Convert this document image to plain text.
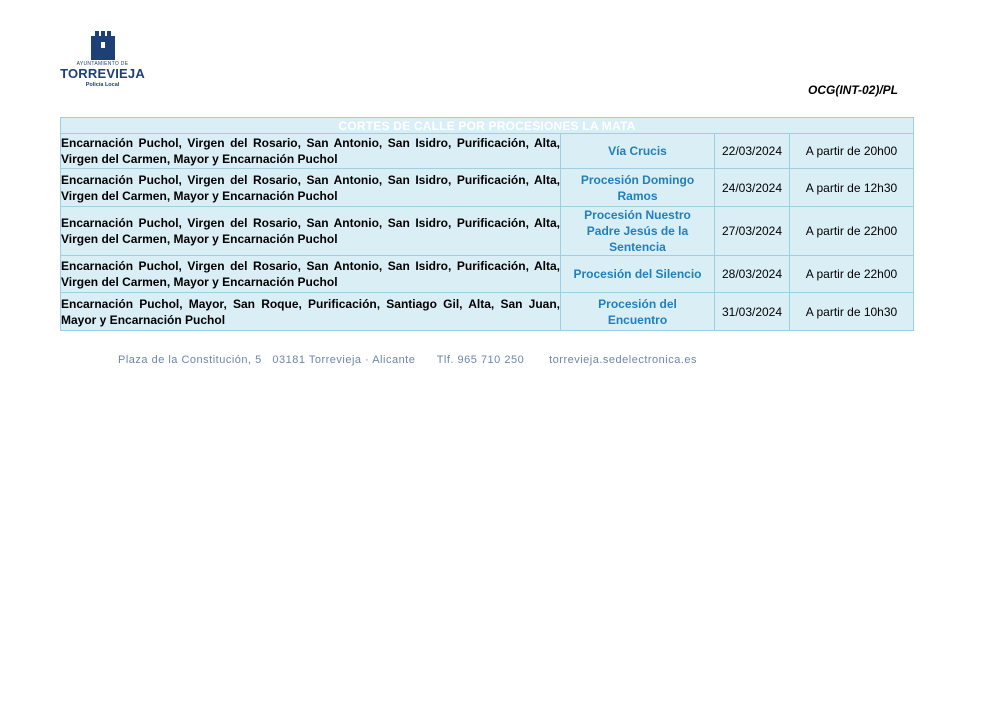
AYUNTAMIENTO DE
TORREVIEJA
Policía Local	OCG(INT-02)/PL
CORTES DE CALLE POR PROCESIONES LA MATA			
Encarnación Puchol, Virgen del Rosario, San Antonio, San Isidro, Purificación, Alta, Virgen del Carmen, Mayor y Encarnación Puchol	Vía Crucis	22/03/2024	A partir de 20h00
Encarnación Puchol, Virgen del Rosario, San Antonio, San Isidro, Purificación, Alta, Virgen del Carmen, Mayor y Encarnación Puchol	Procesión Domingo Ramos	24/03/2024	A partir de 12h30
Encarnación Puchol, Virgen del Rosario, San Antonio, San Isidro, Purificación, Alta, Virgen del Carmen, Mayor y Encarnación Puchol	Procesión Nuestro Padre Jesús de la Sentencia	27/03/2024	A partir de 22h00
Encarnación Puchol, Virgen del Rosario, San Antonio, San Isidro, Purificación, Alta, Virgen del Carmen, Mayor y Encarnación Puchol	Procesión del Silencio	28/03/2024	A partir de 22h00
Encarnación Puchol, Mayor, San Roque, Purificación, Santiago Gil, Alta, San Juan, Mayor y Encarnación Puchol	Procesión del Encuentro	31/03/2024	A partir de 10h30
Plaza de la Constitución, 5 03181 Torrevieja · Alicante Tlf. 965 710 250 torrevieja.sedelectronica.es
